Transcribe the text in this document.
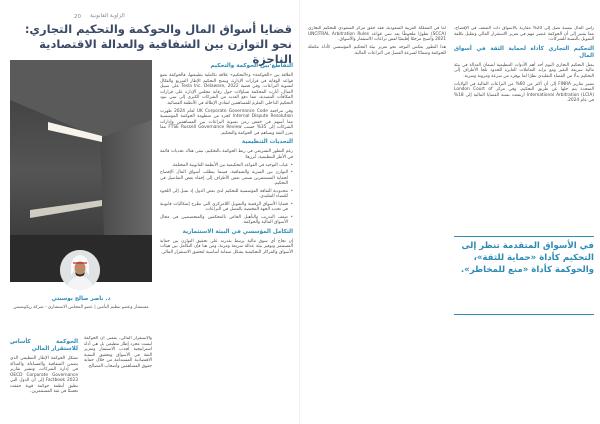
الزاوية القانونية
20
قضايا أسواق المال والحوكمة والتحكيم التجاري: نحو التوازن بين الشفافية والعدالة الاقتصادية الناجزة
التقاطع بين الحوكمة والتحكيم

العلاقة بين «الحوكمة» و«التحكيم» علاقة تكاملية بطبيعتها، فالحوكمة تضع قواعد الوقاية في قرارات الإدارة، ويمنح التحكيم الإطار السريع والفعّال لتسوية النزاعات. وفي قضية Tesla Inc. Delaware, 2022 على سبيل المثال، أثارت المحكمة تساؤلات حول رقابة مجلس الإدارة على قرارات المكافآت التنفيذية، مما دفع العديد من الشركات الكبرى إلى تبني بنود التحكيم الداخلي الملزم للمساهمين لتفادي الإطالة في الأنظمة القضائية.

وفي مراجعة UK Corporate Governance Code لعام 2024 ظهرت Internal Dispute Resolution كجزء من منظومة الحوكمة المؤسسية مما أسهم في خفض زمن تسوية النزاعات بين المساهمين وإدارات الشركات إلى 35% حسب FTSE Russell Governance Review مما يعزز الثقة ويساهم في الحوكمة والتحكيم.

التحديات التنظيمية

رغم التطور التشريعي في ربط الحوكمة بالتحكيم، تبقى هناك تحديات قائمة في الأطر التنظيمية، أبرزها:

• غياب التوحيد في القواعد التحكيمية بين الأنظمة القانونية المختلفة.
• التوازن بين السرية والشفافية، فبينما يتطلب أسواق المال الإفصاح لحماية المستثمرين تسعى بعض الأطراف إلى إخفاء بعض التفاصيل في التحكيم.
• محدودية الثقافة المؤسسية للتحكيم لدى بعض الدول إذ تميل إلى اللجوء للقضاء التقليدي.
• قضايا الأسواق الرقمية والتمويل اللامركزي التي تطرح إشكاليات قانونية في تحديد الجهة المختصة بالفصل في النزاعات.
• ضعف التدريب والتأهيل الخاص بالمحكمين والمتخصصين في مجال الأسواق المالية والحوكمة.
التكامل المؤسسي في البيئة الاستثمارية

إن نجاح أي سوق مالية يرتبط بقدرته على تحقيق التوازن بين حماية المستثمر وتوفير بيئة عدالة سريعة ومرنة، ومن هنا فإن التكامل بين هيئات الأسواق والمراكز التحكيمية يشكل ضمانة أساسية لتحقيق الاستقرار المالي.

د. ناصر صالح بوسبتي
مستشار وعضو تنظيم التأمين | عضو المجلس الاستشاري - شركة ريكونسس
الحوكمة كأساس للاستقرار المالي

تشكل الحوكمة الإطار التنظيمي الذي يضمن الشفافية والمساءلة والعدالة في إدارة الشركات، وتشير تقارير OECD Corporate Governance Factbook 2023 إلى أن الدول التي تطبق أنظمة حوكمة قوية حققت تحسنًا في ثقة المستثمرين.

والاستقرار المالي، بمعنى أن الحوكمة ليست مجرد إطار تنظيمي بل هي أداة استراتيجية لجذب الاستثمار وتعزيز الثقة في الأسواق وتحقيق التنمية الاقتصادية المستدامة من خلال حماية حقوق المساهمين وأصحاب المصالح.

أما في المملكة العربية السعودية، فقد حقق مركز السعودي للتحكيم التجاري (SCCA) تطورًا ملحوظًا بعد تبني قواعد UNCITRAL Arbitration Rules 2021 وأصبح مرجعًا إقليميًا لفض نزاعات الاستثمار والأسواق.

هذا التطور يعكس التوجه نحو تعزيز بيئة التحكيم المؤسسي كأداة مكملة للحوكمة وضمانًا لسرعة الفصل في النزاعات المالية.

رأس المال بنسبة تصل إلى 20% مقارنة بالأسواق ذات الضعف في الإفصاح، مما يشير إلى أن الحوكمة عنصر مهم في تعزيز الاستقرار المالي وتقليل تكلفة التمويل بالنسبة للشركات.

التحكيم التجاري كأداة لحماية الثقة في أسواق المال

يمثل التحكيم التجاري اليوم أحد أهم الأدوات التنظيمية لضمان العدالة في بيئة مالية سريعة التغير ومع تزايد التعاملات العابرة للحدود تلجأ الأطراف إلى التحكيم بدلًا من القضاء التقليدي نظرًا لما يوفره من سرعة ومرونة وسرية.

تشير تقارير FINRA إلى أن أكثر من 60% من النزاعات المالية في الولايات المتحدة يتم حلها عن طريق التحكيم، وفي مركز London Court of International Arbitration (LCIA) ارتفعت نسبة القضايا المالية إلى 18% في عام 2024.

في الأسواق المتقدمة تنظر إلى التحكيم كأداة «حماية للثقة»، والحوكمة كأداة «منع للمخاطر».
